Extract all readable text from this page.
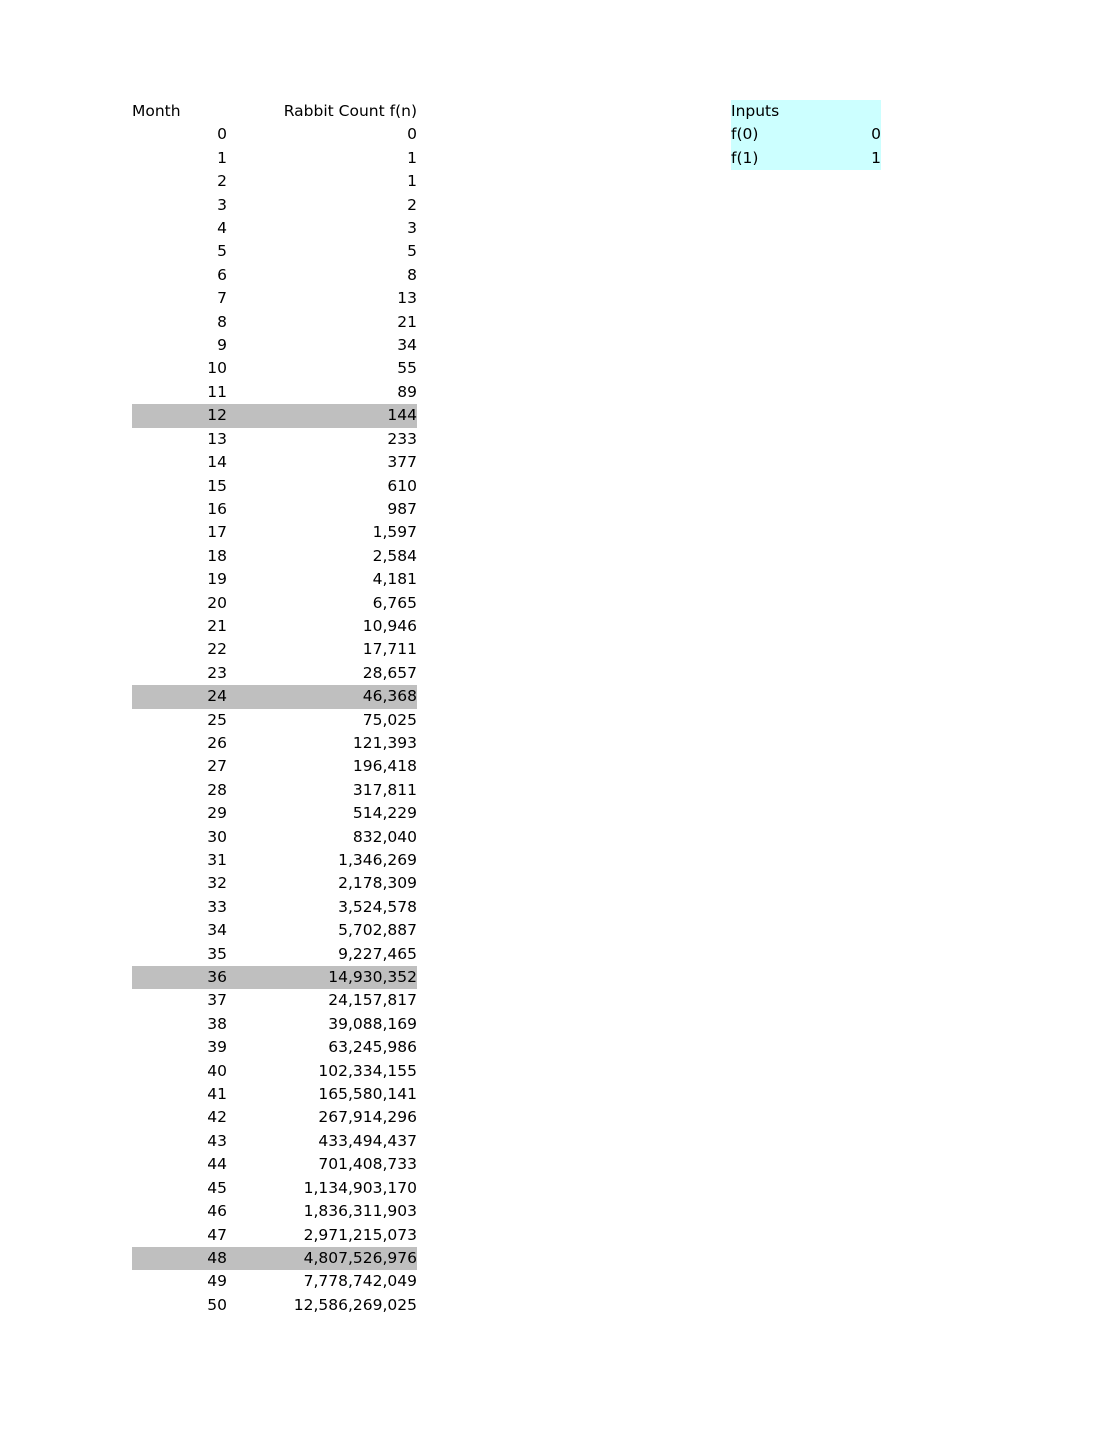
Month	Rabbit Count f(n)
0	0
1	1
2	1
3	2
4	3
5	5
6	8
7	13
8	21
9	34
10	55
11	89
12	144
13	233
14	377
15	610
16	987
17	1,597
18	2,584
19	4,181
20	6,765
21	10,946
22	17,711
23	28,657
24	46,368
25	75,025
26	121,393
27	196,418
28	317,811
29	514,229
30	832,040
31	1,346,269
32	2,178,309
33	3,524,578
34	5,702,887
35	9,227,465
36	14,930,352
37	24,157,817
38	39,088,169
39	63,245,986
40	102,334,155
41	165,580,141
42	267,914,296
43	433,494,437
44	701,408,733
45	1,134,903,170
46	1,836,311,903
47	2,971,215,073
48	4,807,526,976
49	7,778,742,049
50	12,586,269,025
Inputs	
f(0)	0
f(1)	1
